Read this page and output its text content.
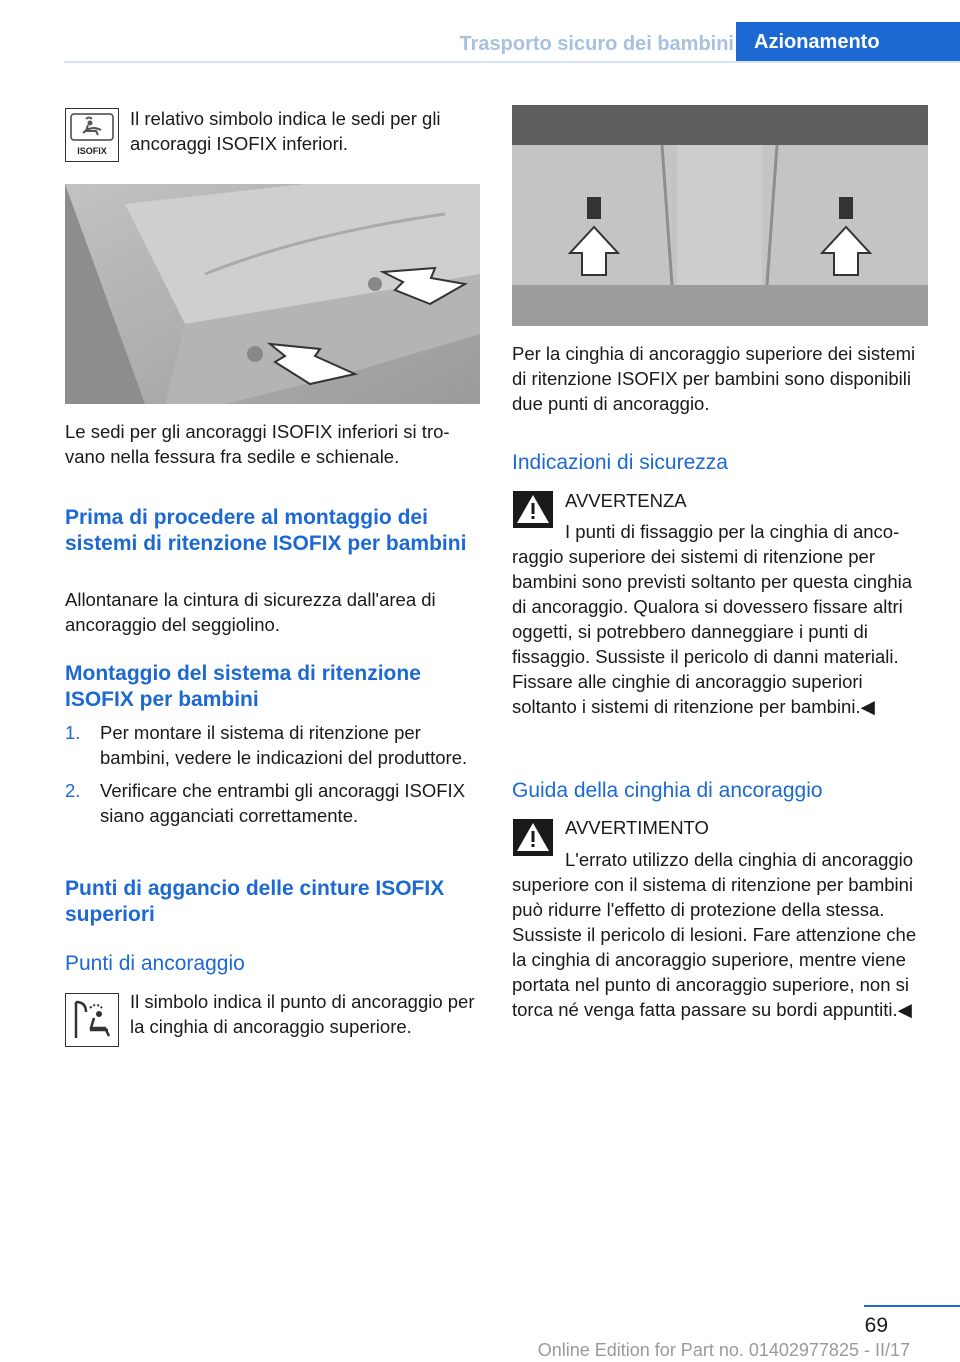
Trasporto sicuro dei bambini	Azionamento
ISOFIX

Il relativo simbolo indica le sedi per gli ancoraggi ISOFIX inferiori.

Le sedi per gli ancoraggi ISOFIX inferiori si trovano nella fessura fra sedile e schienale.

Prima di procedere al montaggio dei sistemi di ritenzione ISOFIX per bambini

Allontanare la cintura di sicurezza dall'area di ancoraggio del seggiolino.

Montaggio del sistema di ritenzione ISOFIX per bambini
1. Per montare il sistema di ritenzione per bambini, vedere le indicazioni del produttore.
2. Verificare che entrambi gli ancoraggi ISOFIX siano agganciati correttamente.
Punti di aggancio delle cinture ISOFIX superiori
Punti di ancoraggio

Il simbolo indica il punto di ancoraggio per la cinghia di ancoraggio superiore.

Per la cinghia di ancoraggio superiore dei sistemi di ritenzione ISOFIX per bambini sono disponibili due punti di ancoraggio.

Indicazioni di sicurezza

AVVERTENZA

I punti di fissaggio per la cinghia di ancoraggio superiore dei sistemi di ritenzione per bambini sono previsti soltanto per questa cinghia di ancoraggio. Qualora si dovessero fissare altri oggetti, si potrebbero danneggiare i punti di fissaggio. Sussiste il pericolo di danni materiali. Fissare alle cinghie di ancoraggio superiori soltanto i sistemi di ritenzione per bambini.◀

Guida della cinghia di ancoraggio

AVVERTIMENTO

L'errato utilizzo della cinghia di ancoraggio superiore con il sistema di ritenzione per bambini può ridurre l'effetto di protezione della stessa. Sussiste il pericolo di lesioni. Fare attenzione che la cinghia di ancoraggio superiore, mentre viene portata nel punto di ancoraggio superiore, non si torca né venga fatta passare su bordi appuntiti.◀

69
Online Edition for Part no. 01402977825 - II/17
